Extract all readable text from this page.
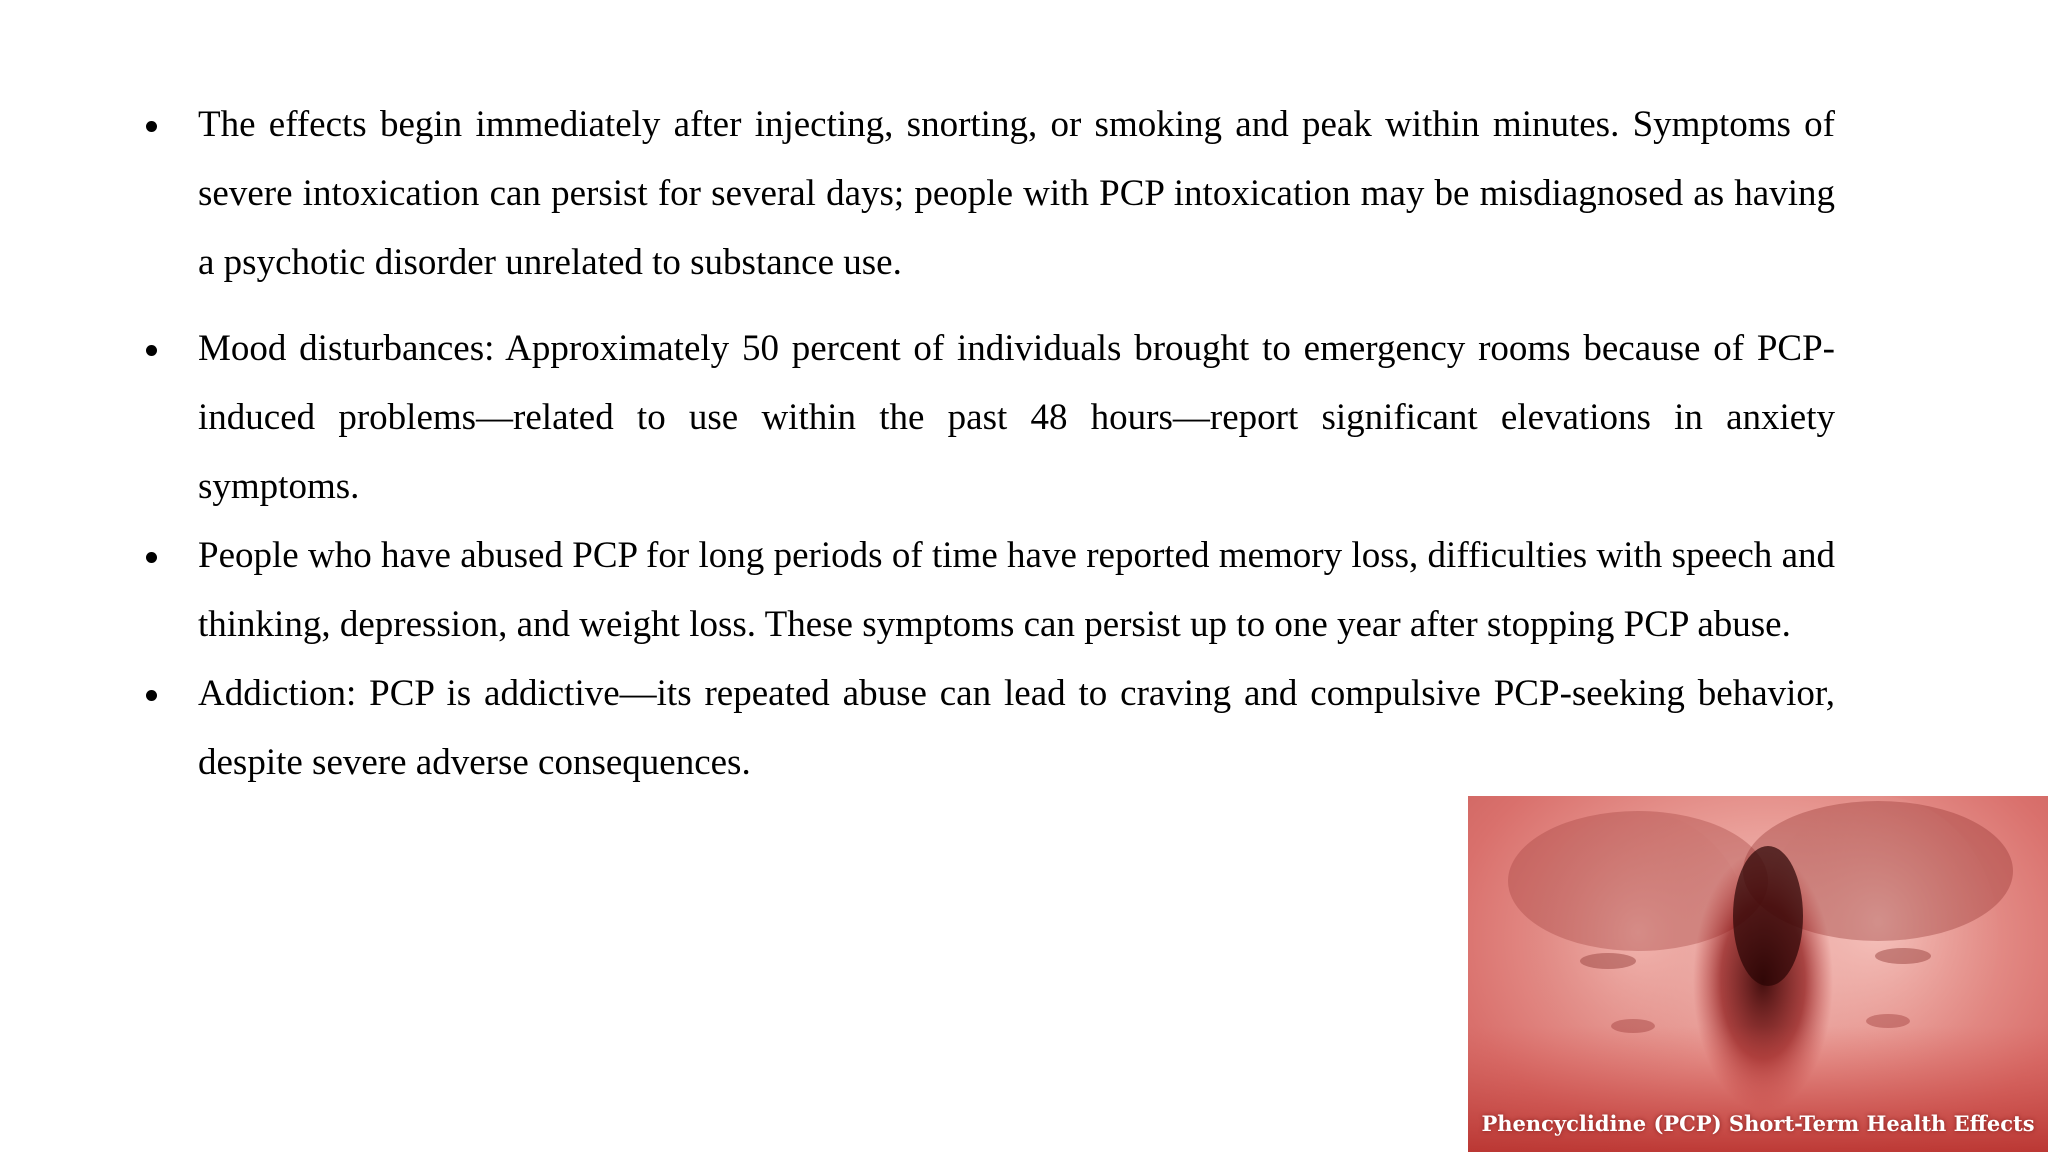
The effects begin immediately after injecting, snorting, or smoking and peak within minutes. Symptoms of severe intoxication can persist for several days; people with PCP intoxication may be misdiagnosed as having a psychotic disorder unrelated to substance use.
Mood disturbances: Approximately 50 percent of individuals brought to emergency rooms because of PCP-induced problems—related to use within the past 48 hours—report significant elevations in anxiety symptoms.
People who have abused PCP for long periods of time have reported memory loss, difficulties with speech and thinking, depression, and weight loss. These symptoms can persist up to one year after stopping PCP abuse.
Addiction: PCP is addictive—its repeated abuse can lead to craving and compulsive PCP-seeking behavior, despite severe adverse consequences.
Phencyclidine (PCP) Short-Term Health Effects
